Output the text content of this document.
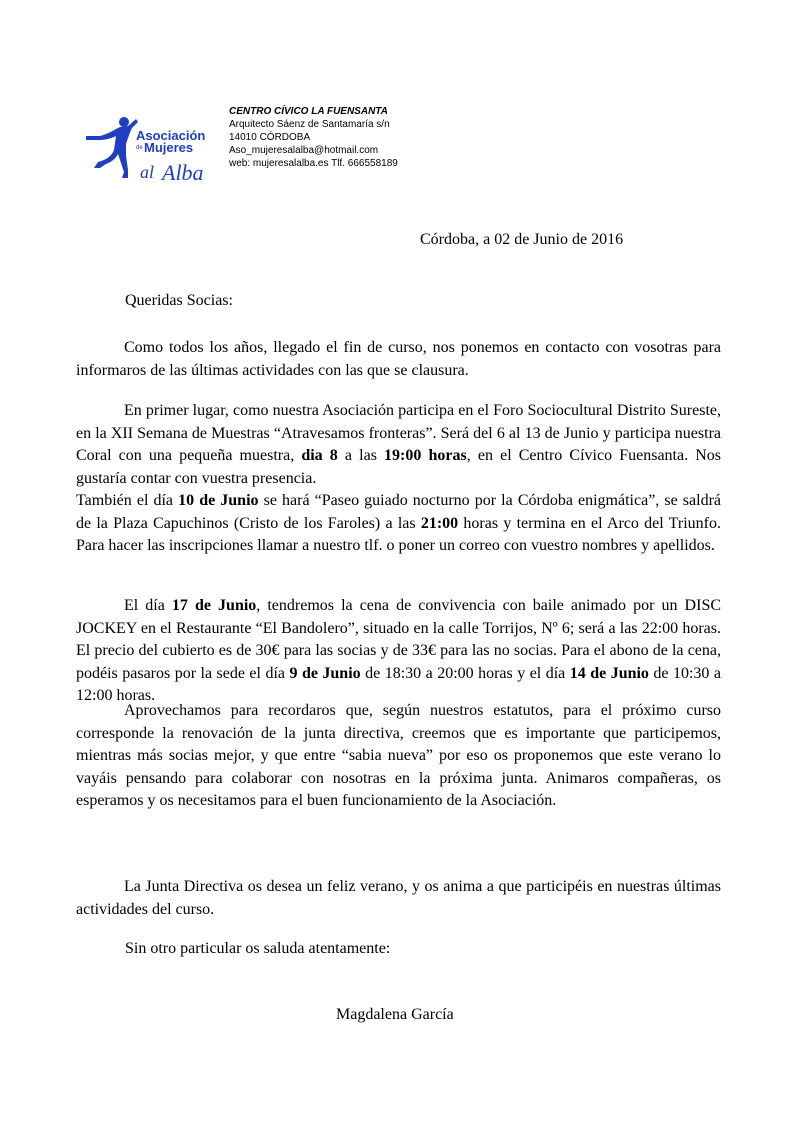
Asociación
de Mujeres
al Alba
CENTRO CÍVICO LA FUENSANTA
Arquitecto Sáenz de Santamaría s/n
14010 CÓRDOBA
Aso_mujeresalalba@hotmail.com
web: mujeresalalba.es Tlf. 666558189
Córdoba, a 02 de Junio de 2016
Queridas Socias:

Como todos los años, llegado el fin de curso, nos ponemos en contacto con vosotras para informaros de las últimas actividades con las que se clausura.

En primer lugar, como nuestra Asociación participa en el Foro Sociocultural Distrito Sureste, en la XII Semana de Muestras “Atravesamos fronteras”. Será del 6 al 13 de Junio y participa nuestra Coral con una pequeña muestra, dia 8 a las 19:00 horas, en el Centro Cívico Fuensanta. Nos gustaría contar con vuestra presencia.
También el día 10 de Junio se hará “Paseo guiado nocturno por la Córdoba enigmática”, se saldrá de la Plaza Capuchinos (Cristo de los Faroles) a las 21:00 horas y termina en el Arco del Triunfo. Para hacer las inscripciones llamar a nuestro tlf. o poner un correo con vuestro nombres y apellidos.

El día 17 de Junio, tendremos la cena de convivencia con baile animado por un DISC JOCKEY en el Restaurante “El Bandolero”, situado en la calle Torrijos, Nº 6; será a las 22:00 horas. El precio del cubierto es de 30€ para las socias y de 33€ para las no socias. Para el abono de la cena, podéis pasaros por la sede el día 9 de Junio de 18:30 a 20:00 horas y el día 14 de Junio de 10:30 a 12:00 horas.

Aprovechamos para recordaros que, según nuestros estatutos, para el próximo curso corresponde la renovación de la junta directiva, creemos que es importante que participemos, mientras más socias mejor, y que entre “sabia nueva” por eso os proponemos que este verano lo vayáis pensando para colaborar con nosotras en la próxima junta. Animaros compañeras, os esperamos y os necesitamos para el buen funcionamiento de la Asociación.

La Junta Directiva os desea un feliz verano, y os anima a que participéis en nuestras últimas actividades del curso.

Sin otro particular os saluda atentamente:
Magdalena García
